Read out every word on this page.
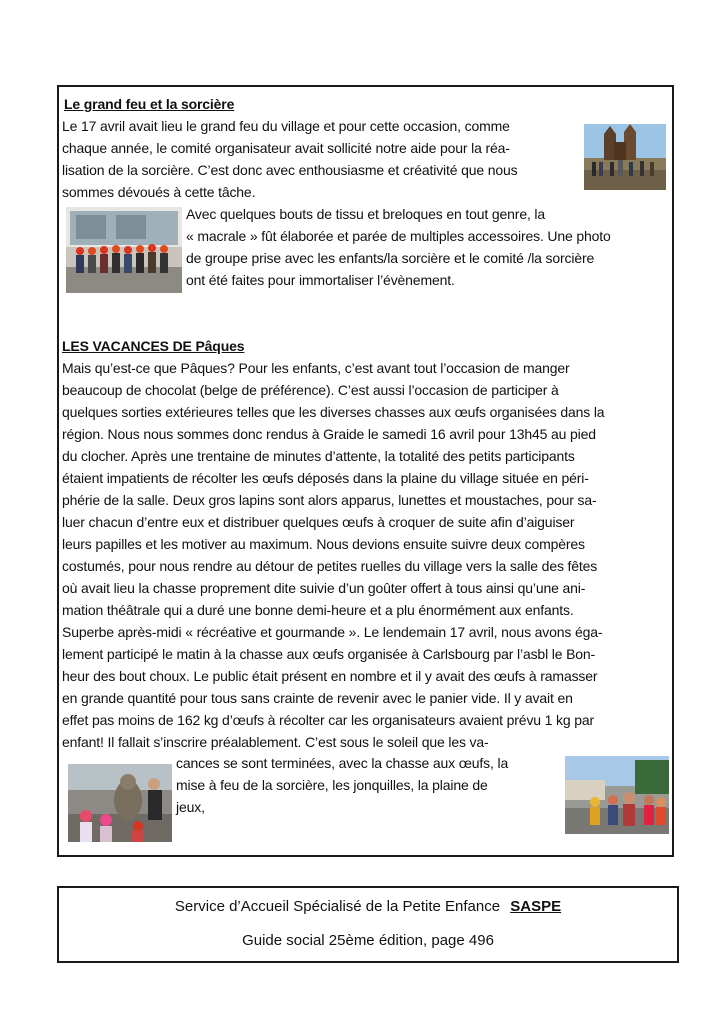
Le grand feu et la sorcière
Le 17 avril avait lieu le grand feu du village et pour cette occasion, comme
chaque année, le comité organisateur avait sollicité notre aide pour la réa-
lisation de la sorcière. C’est donc avec enthousiasme et créativité que nous
sommes dévoués à cette tâche.
Avec quelques bouts de tissu et breloques en tout genre, la
« macrale » fût élaborée et parée de multiples accessoires. Une photo
de groupe prise avec les enfants/la sorcière et le comité /la sorcière
ont été faites pour immortaliser l’évènement.
LES VACANCES DE Pâques
Mais qu’est-ce que Pâques? Pour les enfants, c’est avant tout l’occasion de manger
beaucoup de chocolat (belge de préférence). C’est aussi l’occasion de participer à
quelques sorties extérieures telles que les diverses chasses aux œufs organisées dans la
région. Nous nous sommes donc rendus à Graide le samedi 16 avril pour 13h45 au pied
du clocher. Après une trentaine de minutes d’attente, la totalité des petits participants
étaient impatients de récolter les œufs déposés dans la plaine du village située en péri-
phérie de la salle. Deux gros lapins sont alors apparus, lunettes et moustaches, pour sa-
luer chacun d’entre eux et distribuer quelques œufs à croquer de suite afin d’aiguiser
leurs papilles et les motiver au maximum. Nous devions ensuite suivre deux compères
costumés, pour nous rendre au détour de petites ruelles du village vers la salle des fêtes
où avait lieu la chasse proprement dite suivie d’un goûter offert à tous ainsi qu’une ani-
mation théâtrale qui a duré une bonne demi-heure et a plu énormément aux enfants.
Superbe après-midi « récréative et gourmande ». Le lendemain 17 avril, nous avons éga-
lement participé le matin à la chasse aux œufs organisée à Carlsbourg par l’asbl le Bon-
heur des bout choux. Le public était présent en nombre et il y avait des œufs à ramasser
en grande quantité pour tous sans crainte de revenir avec le panier vide. Il y avait en
effet pas moins de 162 kg d’œufs à récolter car les organisateurs avaient prévu 1 kg par
enfant! Il fallait s’inscrire préalablement. C’est sous le soleil que les va-
cances se sont terminées, avec la chasse aux œufs, la
mise à feu de la sorcière, les jonquilles, la plaine de
jeux,
Service d’Accueil Spécialisé de la Petite Enfance SASPE
Guide social 25ème édition, page 496
